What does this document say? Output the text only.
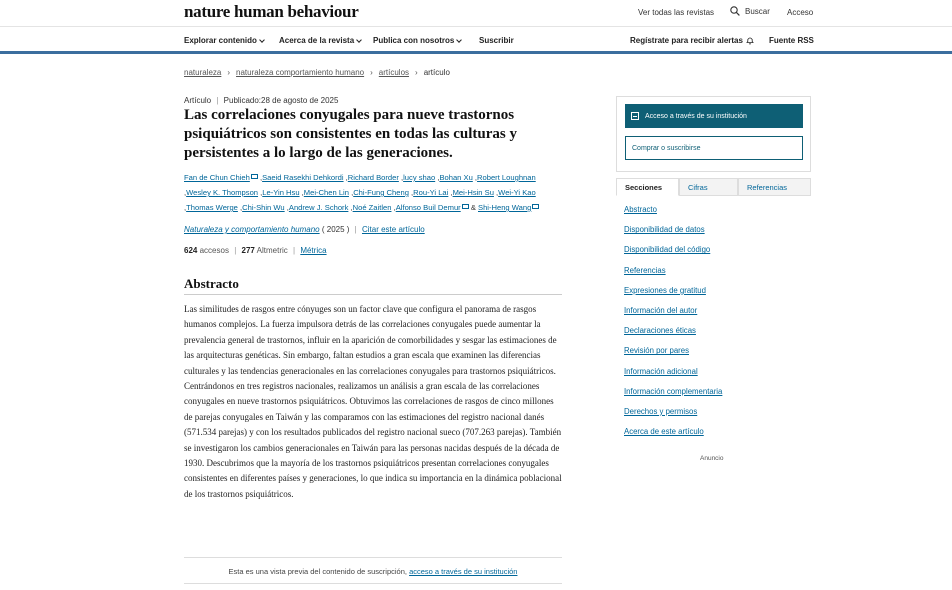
nature human behaviour	Ver todas las revistas	Buscar Acceso
Explorar contenido	Acerca de la revista Publica con nosotros	Suscribir	Regístrate para recibir alertas	Fuente RSS
naturaleza › naturaleza comportamiento humano › artículos › artículo
Artículo | Publicado:28 de agosto de 2025
Las correlaciones conyugales para nueve trastornos psiquiátricos son consistentes en todas las culturas y persistentes a lo largo de las generaciones.
Fan de Chun Chieh ,Saeid Rasekhi Dehkordi ,Richard Border ,lucy shao ,Bohan Xu ,Robert Loughnan ,Wesley K. Thompson ,Le-Yin Hsu ,Mei-Chen Lin ,Chi-Fung Cheng ,Rou-Yi Lai ,Mei-Hsin Su ,Wei-Yi Kao ,Thomas Werge ,Chi-Shin Wu ,Andrew J. Schork ,Noé Zaitlen ,Alfonso Buil Demur & Shi-Heng Wang
Naturaleza y comportamiento humano ( 2025 ) | Citar este artículo
624 accesos | 277 Altmetric | Métrica
Abstracto

Las similitudes de rasgos entre cónyuges son un factor clave que configura el panorama de rasgos humanos complejos. La fuerza impulsora detrás de las correlaciones conyugales puede aumentar la prevalencia general de trastornos, influir en la aparición de comorbilidades y sesgar las estimaciones de las arquitecturas genéticas. Sin embargo, faltan estudios a gran escala que examinen las diferencias culturales y las tendencias generacionales en las correlaciones conyugales para trastornos psiquiátricos. Centrándonos en tres registros nacionales, realizamos un análisis a gran escala de las correlaciones conyugales en nueve trastornos psiquiátricos. Obtuvimos las correlaciones de rasgos de cinco millones de parejas conyugales en Taiwán y las comparamos con las estimaciones del registro nacional danés (571.534 parejas) y con los resultados publicados del registro nacional sueco (707.263 parejas). También se investigaron los cambios generacionales en Taiwán para las personas nacidas después de la década de 1930. Descubrimos que la mayoría de los trastornos psiquiátricos presentan correlaciones conyugales consistentes en diferentes países y generaciones, lo que indica su importancia en la dinámica poblacional de los trastornos psiquiátricos.

Esta es una vista previa del contenido de suscripción, acceso a través de su institución
Acceso a través de su institución
Comprar o suscribirse
Secciones	Cifras	Referencias
Abstracto
Disponibilidad de datos
Disponibilidad del código
Referencias
Expresiones de gratitud
Información del autor
Declaraciones éticas
Revisión por pares
Información adicional
Información complementaria
Derechos y permisos
Acerca de este artículo
Anuncio
